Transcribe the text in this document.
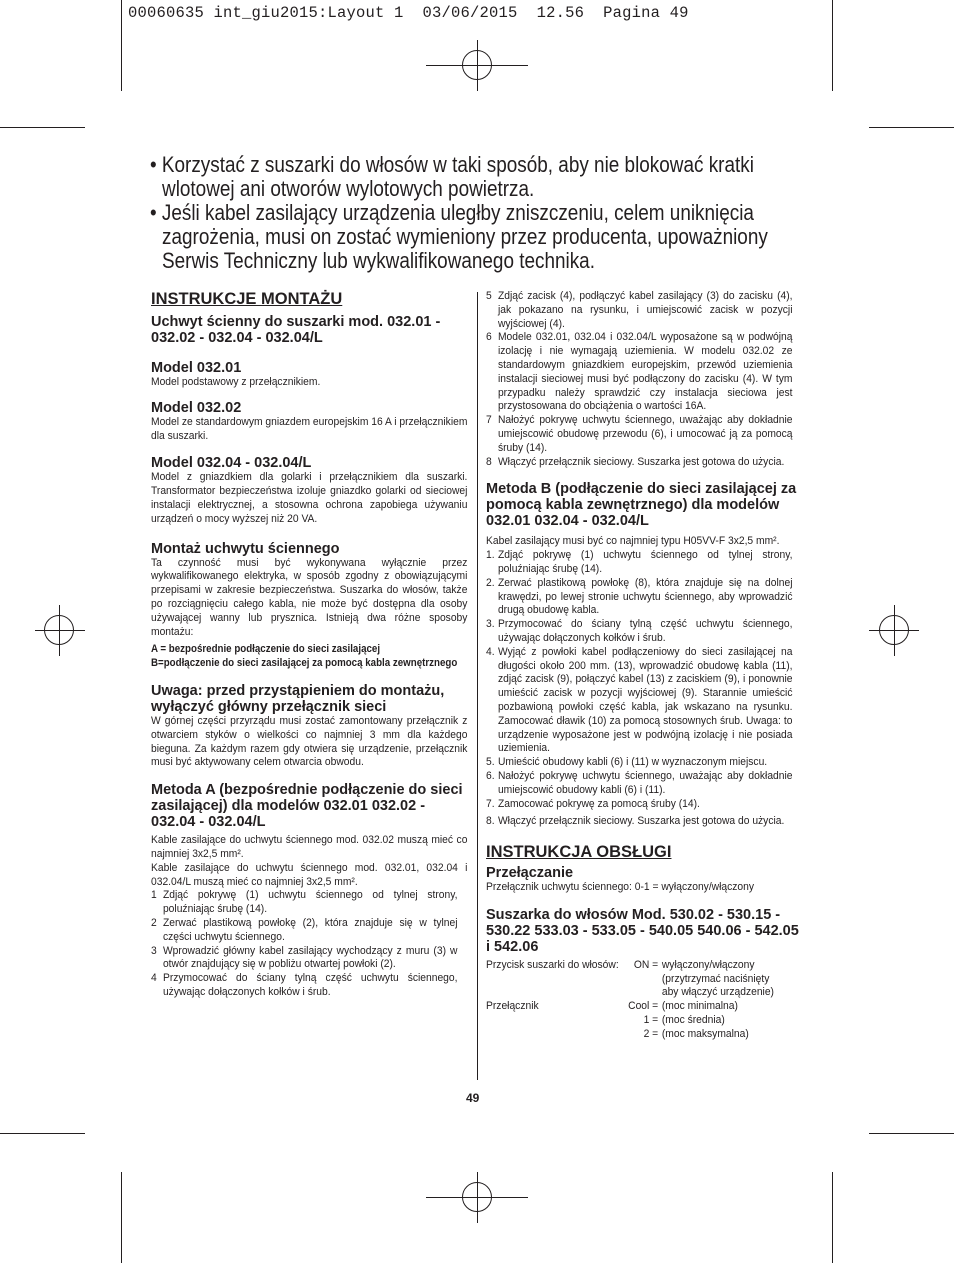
00060635 int_giu2015:Layout 1  03/06/2015  12.56  Pagina 49

• Korzystać z suszarki do włosów w taki sposób, aby nie blokować kratki wlotowej ani otworów wylotowych powietrza.

• Jeśli kabel zasilający urządzenia uległby zniszczeniu, celem uniknięcia zagrożenia, musi on zostać wymieniony przez producenta, upoważniony Serwis Techniczny lub wykwalifikowanego technika.

INSTRUKCJE MONTAŻU
Uchwyt ścienny do suszarki mod. 032.01 - 032.02 - 032.04 - 032.04/L
Model 032.01

Model podstawowy z przełącznikiem.

Model 032.02

Model ze standardowym gniazdem europejskim 16 A i przełącznikiem dla suszarki.

Model 032.04 - 032.04/L

Model z gniazdkiem dla golarki i przełącznikiem dla suszarki. Transformator bezpieczeństwa izoluje gniazdko golarki od sieciowej instalacji elektrycznej, a stosowna ochrona zapobiega używaniu urządzeń o mocy wyższej niż 20 VA.

Montaż uchwytu ściennego

Ta czynność musi być wykonywana wyłącznie przez wykwalifikowanego elektryka, w sposób zgodny z obowiązującymi przepisami w zakresie bezpieczeństwa. Suszarka do włosów, także po rozciągnięciu całego kabla, nie może być dostępna dla osoby używającej wanny lub prysznica. Istnieją dwa różne sposoby montażu:

A = bezpośrednie podłączenie do sieci zasilającej

B=podłączenie do sieci zasilającej za pomocą kabla zewnętrznego

Uwaga: przed przystąpieniem do montażu, wyłączyć główny przełącznik sieci

W górnej części przyrządu musi zostać zamontowany przełącznik z otwarciem styków o wielkości co najmniej 3 mm dla każdego bieguna. Za każdym razem gdy otwiera się urządzenie, przełącznik musi być aktywowany celem otwarcia obwodu.

Metoda A (bezpośrednie podłączenie do sieci zasilającej) dla modelów 032.01 032.02 - 032.04 - 032.04/L

Kable zasilające do uchwytu ściennego mod. 032.02 muszą mieć co najmniej 3x2,5 mm².

Kable zasilające do uchwytu ściennego mod. 032.01, 032.04 i 032.04/L muszą mieć co najmniej 3x2,5 mm².

1 Zdjąć pokrywę (1) uchwytu ściennego od tylnej strony, poluźniając śrubę (14).
2 Zerwać plastikową powłokę (2), która znajduje się w tylnej części uchwytu ściennego.
3 Wprowadzić główny kabel zasilający wychodzący z muru (3) w otwór znajdujący się w pobliżu otwartej powłoki (2).
4 Przymocować do ściany tylną część uchwytu ściennego, używając dołączonych kołków i śrub.
5 Zdjąć zacisk (4), podłączyć kabel zasilający (3) do zacisku (4), jak pokazano na rysunku, i umiejscowić zacisk w pozycji wyjściowej (4).
6 Modele 032.01, 032.04 i 032.04/L wyposażone są w podwójną izolację i nie wymagają uziemienia. W modelu 032.02 ze standardowym gniazdkiem europejskim, przewód uziemienia instalacji sieciowej musi być podłączony do zacisku (4). W tym przypadku należy sprawdzić czy instalacja sieciowa jest przystosowana do obciążenia o wartości 16A.
7 Nałożyć pokrywę uchwytu ściennego, uważając aby dokładnie umiejscowić obudowę przewodu (6), i umocować ją za pomocą śruby (14).
8 Włączyć przełącznik sieciowy. Suszarka jest gotowa do użycia.
Metoda B (podłączenie do sieci zasilającej za pomocą kabla zewnętrznego) dla modelów 032.01 032.04 - 032.04/L

Kabel zasilający musi być co najmniej typu H05VV-F 3x2,5 mm².

1. Zdjąć pokrywę (1) uchwytu ściennego od tylnej strony, poluźniając śrubę (14).
2. Zerwać plastikową powłokę (8), która znajduje się na dolnej krawędzi, po lewej stronie uchwytu ściennego, aby wprowadzić drugą obudowę kabla.
3. Przymocować do ściany tylną część uchwytu ściennego, używając dołączonych kołków i śrub.
4. Wyjąć z powłoki kabel podłączeniowy do sieci zasilającej na długości około 200 mm. (13), wprowadzić obudowę kabla (11), zdjąć zacisk (9), połączyć kabel (13) z zaciskiem (9), i ponownie umieścić zacisk w pozycji wyjściowej (9). Starannie umieścić pozbawioną powłoki część kabla, jak wskazano na rysunku. Zamocować dławik (10) za pomocą stosownych śrub. Uwaga: to urządzenie wyposażone jest w podwójną izolację i nie posiada uziemienia.
5. Umieścić obudowy kabli (6) i (11) w wyznaczonym miejscu.
6. Nałożyć pokrywę uchwytu ściennego, uważając aby dokładnie umiejscowić obudowy kabli (6) i (11).
7. Zamocować pokrywę za pomocą śruby (14).
8. Włączyć przełącznik sieciowy. Suszarka jest gotowa do użycia.
INSTRUKCJA OBSŁUGI
Przełączanie

Przełącznik uchwytu ściennego: 0-1 = wyłączony/włączony

Suszarka do włosów Mod. 530.02 - 530.15 - 530.22 533.03 - 533.05 - 540.05 540.06 - 542.05 i 542.06
Przycisk suszarki do włosów:	ON = wyłączony/włączony
(przytrzymać naciśnięty
aby włączyć urządzenie)
Przełącznik	Cool = (moc minimalna)
1 = (moc średnia)
2 = (moc maksymalna)
49
